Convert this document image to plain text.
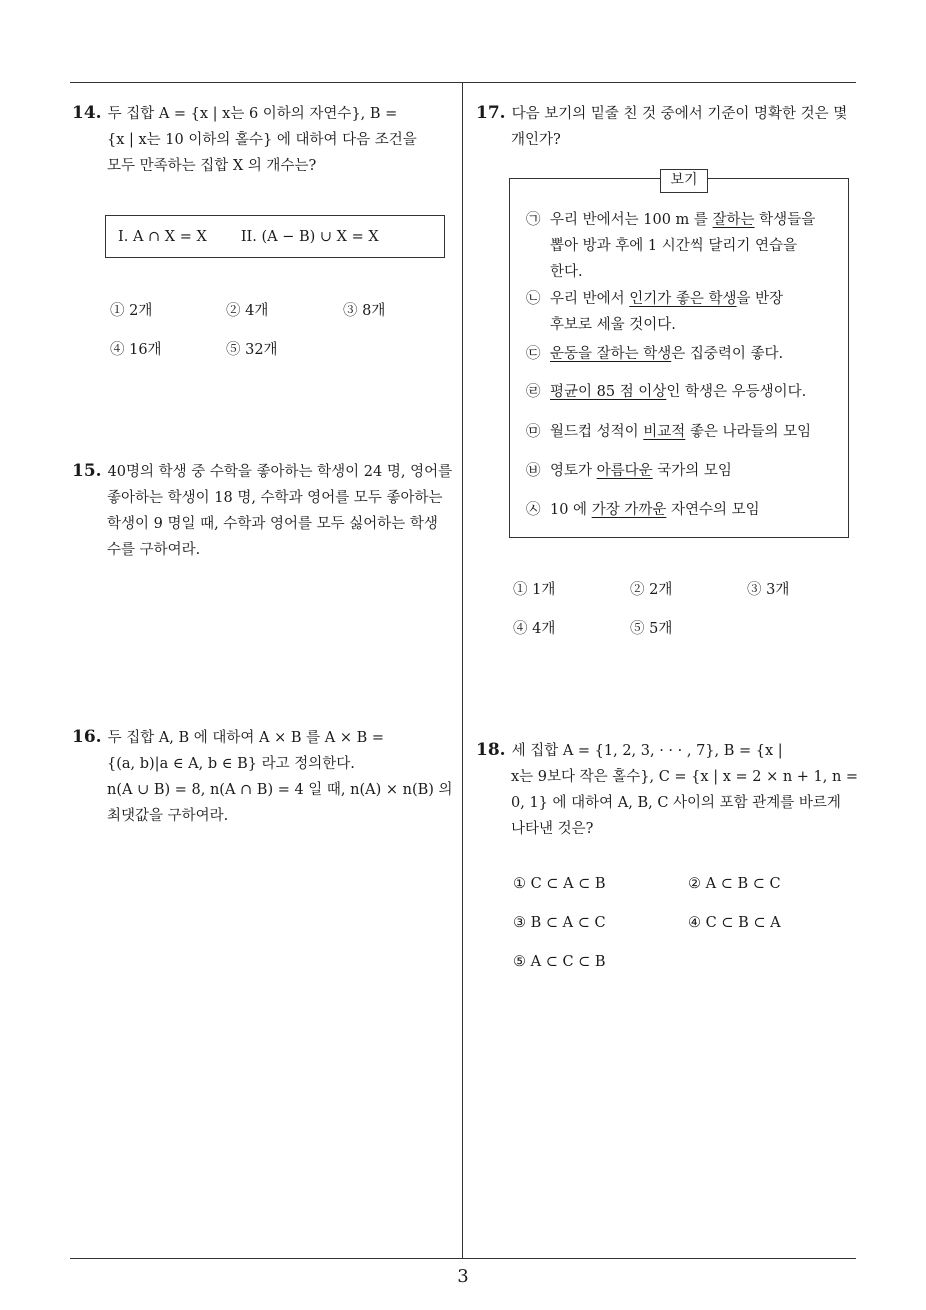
3
14. 두 집합 A = {x | x는 6 이하의 자연수}, B =
{x | x는 10 이하의 홀수} 에 대하여 다음 조건을
모두 만족하는 집합 X 의 개수는?
I. A ∩ X = X II. (A − B) ∪ X = X
① 2개	② 4개	③ 8개
④ 16개	⑤ 32개
15. 40명의 학생 중 수학을 좋아하는 학생이 24 명, 영어를
좋아하는 학생이 18 명, 수학과 영어를 모두 좋아하는
학생이 9 명일 때, 수학과 영어를 모두 싫어하는 학생
수를 구하여라.
16. 두 집합 A, B 에 대하여 A × B 를 A × B =
{(a, b)|a ∈ A, b ∈ B} 라고 정의한다.
n(A ∪ B) = 8, n(A ∩ B) = 4 일 때, n(A) × n(B) 의
최댓값을 구하여라.
17. 다음 보기의 밑줄 친 것 중에서 기준이 명확한 것은 몇
개인가?
보기
㉠ 우리 반에서는 100 m 를 잘하는 학생들을
뽑아 방과 후에 1 시간씩 달리기 연습을
한다.
㉡ 우리 반에서 인기가 좋은 학생을 반장
후보로 세울 것이다.
㉢ 운동을 잘하는 학생은 집중력이 좋다.
㉣ 평균이 85 점 이상인 학생은 우등생이다.
㉤ 월드컵 성적이 비교적 좋은 나라들의 모임
㉥ 영토가 아름다운 국가의 모임
㉦ 10 에 가장 가까운 자연수의 모임
① 1개	② 2개	③ 3개
④ 4개	⑤ 5개
18. 세 집합 A = {1, 2, 3, · · · , 7}, B = {x |
x는 9보다 작은 홀수}, C = {x | x = 2 × n + 1, n =
0, 1} 에 대하여 A, B, C 사이의 포함 관계를 바르게
나타낸 것은?
① C ⊂ A ⊂ B	② A ⊂ B ⊂ C
③ B ⊂ A ⊂ C	④ C ⊂ B ⊂ A
⑤ A ⊂ C ⊂ B
